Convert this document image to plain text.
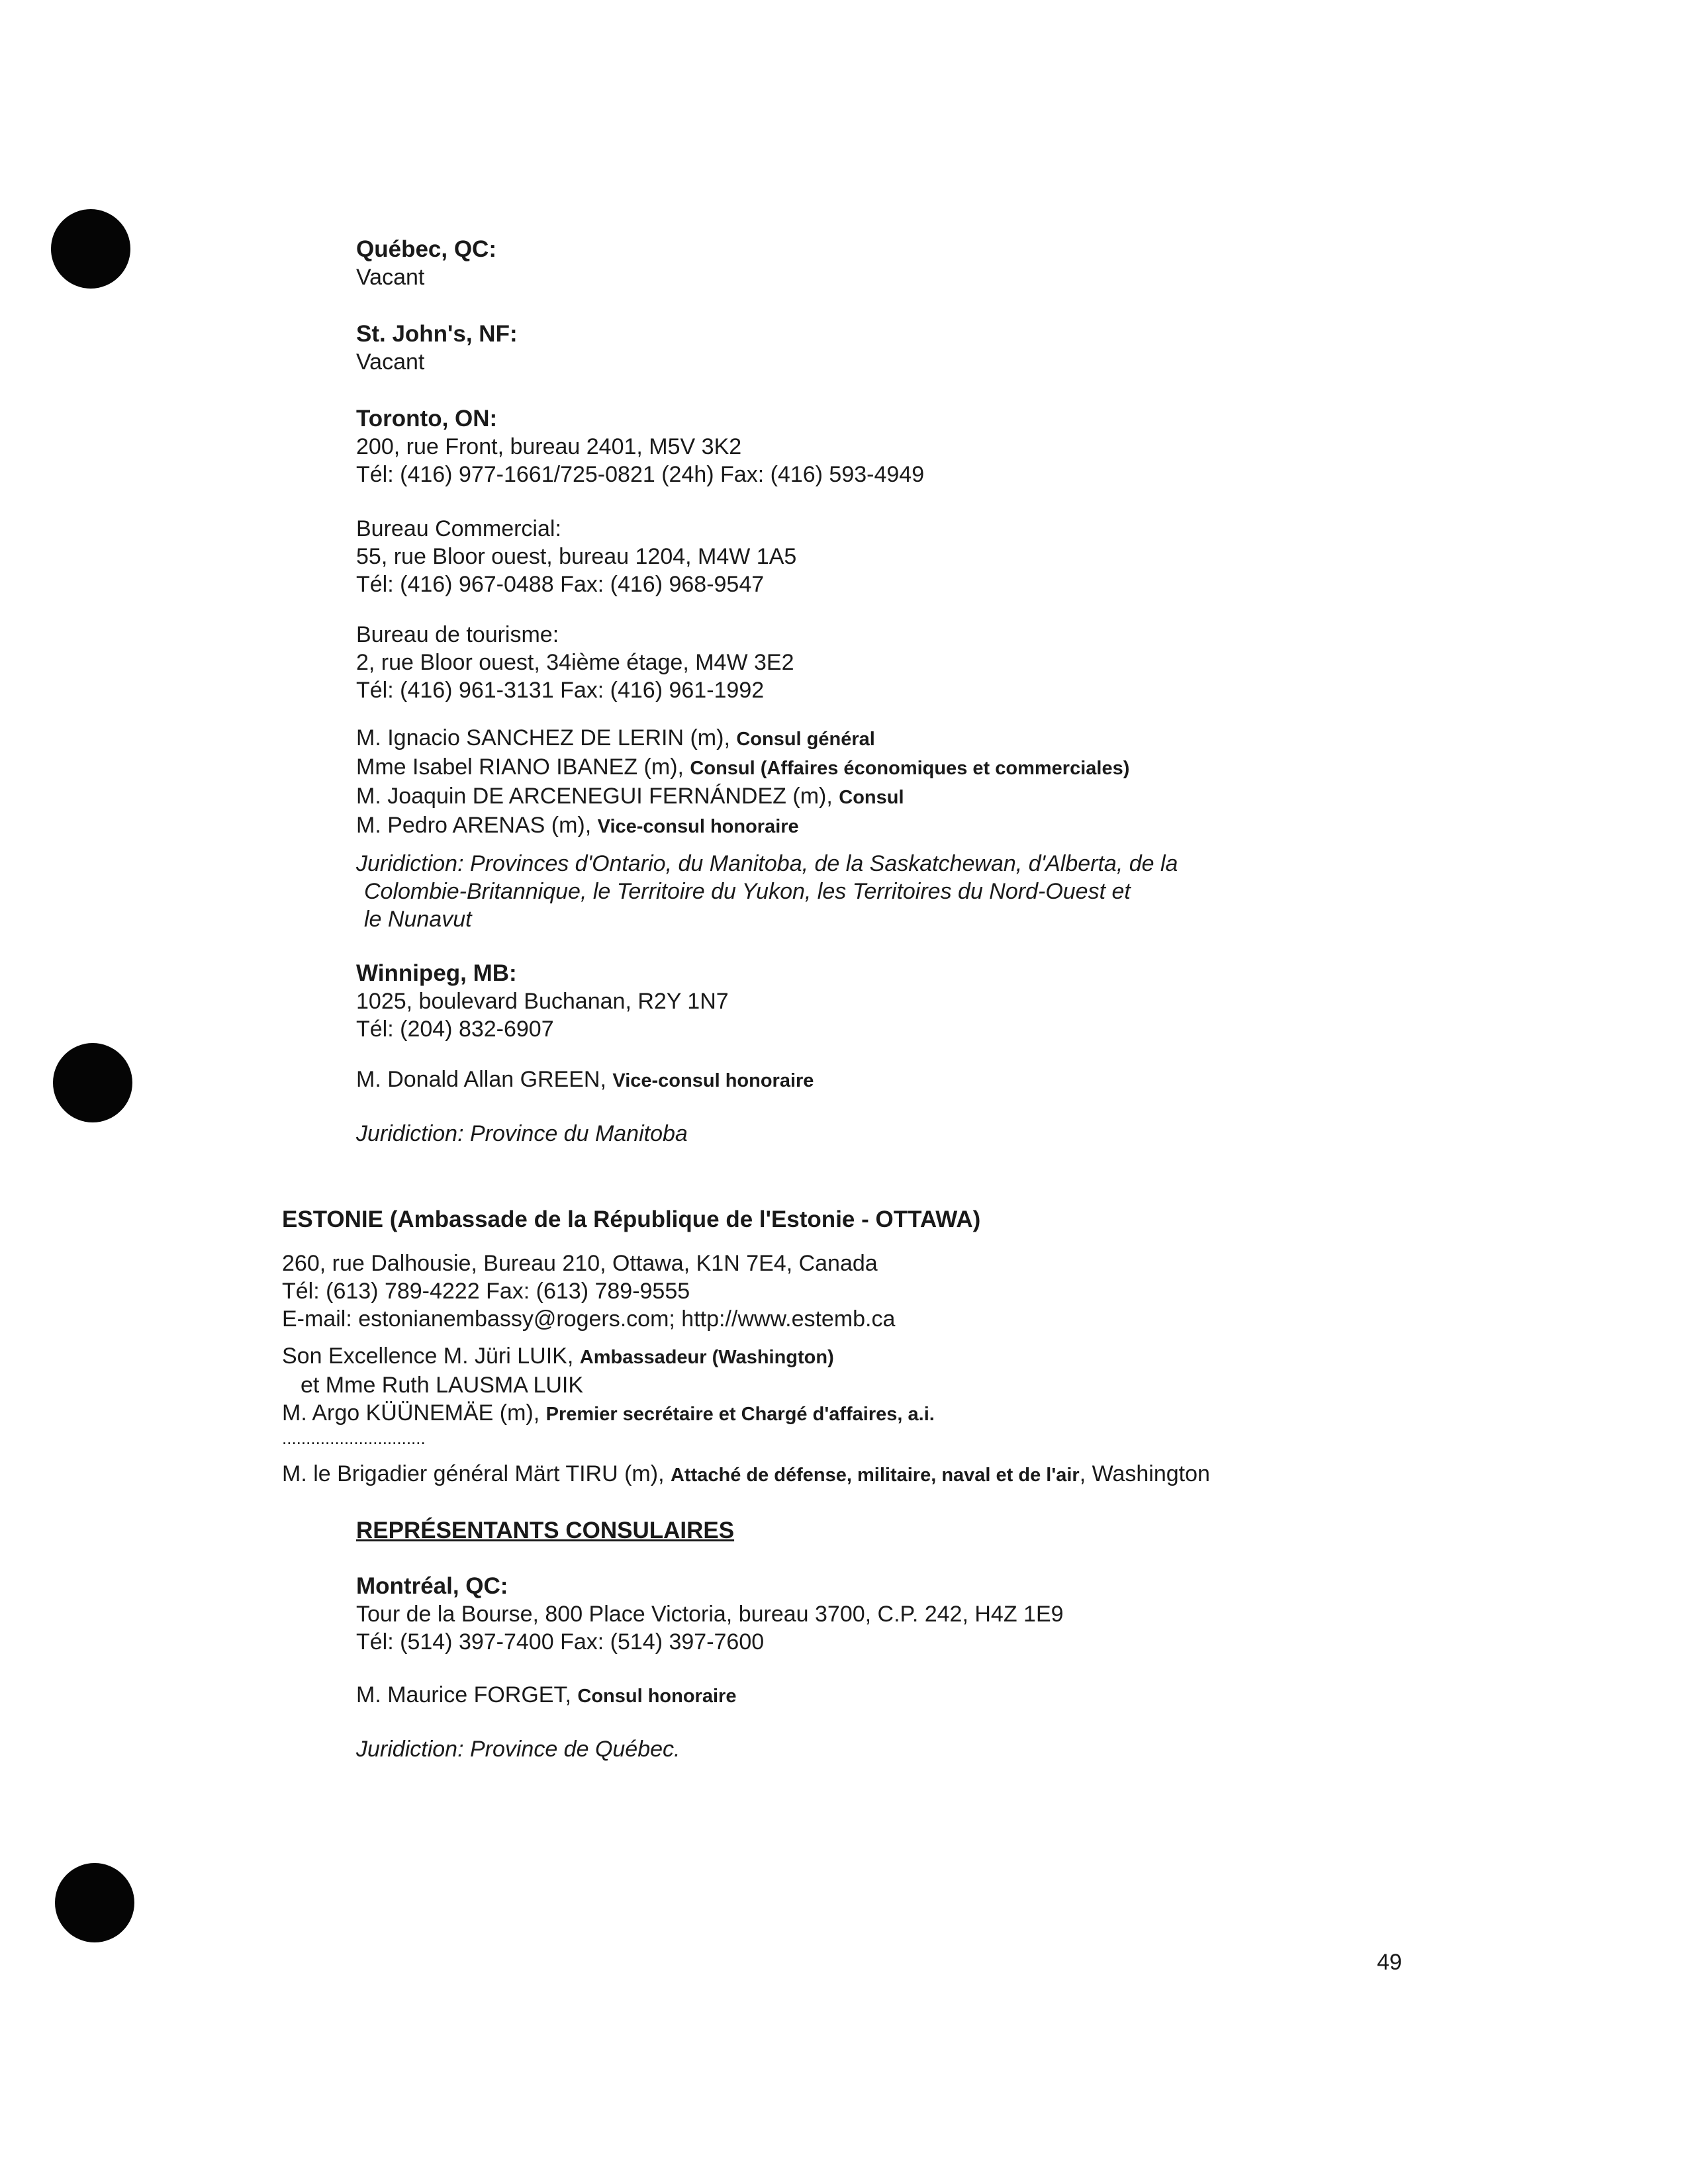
Québec, QC:
Vacant
St. John's, NF:
Vacant
Toronto, ON:
200, rue Front, bureau 2401, M5V 3K2
Tél: (416) 977-1661/725-0821 (24h) Fax: (416) 593-4949
Bureau Commercial:
55, rue Bloor ouest, bureau 1204, M4W 1A5
Tél: (416) 967-0488 Fax: (416) 968-9547
Bureau de tourisme:
2, rue Bloor ouest, 34ième étage, M4W 3E2
Tél: (416) 961-3131 Fax: (416) 961-1992
M. Ignacio SANCHEZ DE LERIN (m), Consul général
Mme Isabel RIANO IBANEZ (m), Consul (Affaires économiques et commerciales)
M. Joaquin DE ARCENEGUI FERNÁNDEZ (m), Consul
M. Pedro ARENAS (m), Vice-consul honoraire
Juridiction: Provinces d'Ontario, du Manitoba, de la Saskatchewan, d'Alberta, de la
Colombie-Britannique, le Territoire du Yukon, les Territoires du Nord-Ouest et
le Nunavut
Winnipeg, MB:
1025, boulevard Buchanan, R2Y 1N7
Tél: (204) 832-6907
M. Donald Allan GREEN, Vice-consul honoraire
Juridiction: Province du Manitoba
ESTONIE (Ambassade de la République de l'Estonie - OTTAWA)
260, rue Dalhousie, Bureau 210, Ottawa, K1N 7E4, Canada
Tél: (613) 789-4222 Fax: (613) 789-9555
E-mail: estonianembassy@rogers.com; http://www.estemb.ca
Son Excellence M. Jüri LUIK, Ambassadeur (Washington)
et Mme Ruth LAUSMA LUIK
M. Argo KÜÜNEMÄE (m), Premier secrétaire et Chargé d'affaires, a.i.
..............................
M. le Brigadier général Märt TIRU (m), Attaché de défense, militaire, naval et de l'air, Washington
REPRÉSENTANTS CONSULAIRES
Montréal, QC:
Tour de la Bourse, 800 Place Victoria, bureau 3700, C.P. 242, H4Z 1E9
Tél: (514) 397-7400 Fax: (514) 397-7600
M. Maurice FORGET, Consul honoraire
Juridiction: Province de Québec.
49
